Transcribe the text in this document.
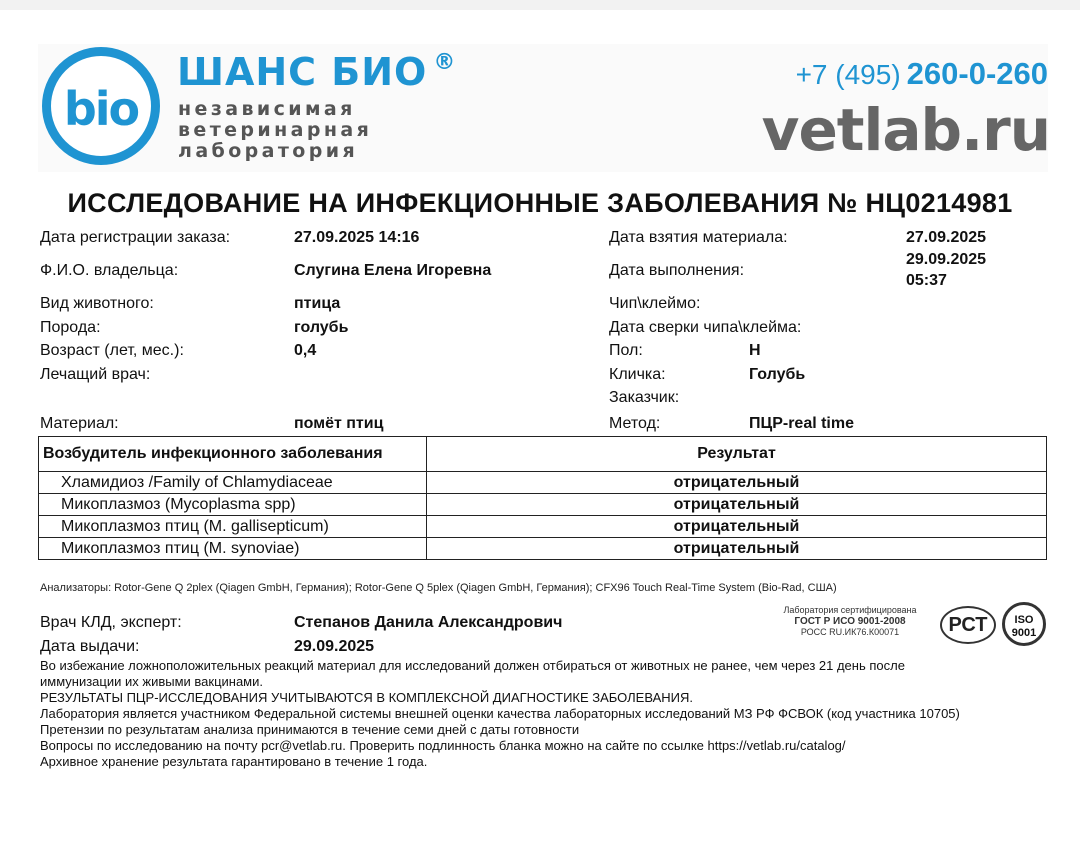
bio
ШАНС БИО ®
независимая
ветеринарная
лаборатория
+7 (495) 260-0-260
vetlab.ru
ИССЛЕДОВАНИЕ НА ИНФЕКЦИОННЫЕ ЗАБОЛЕВАНИЯ № НЦ0214981
Дата регистрации заказа:	27.09.2025 14:16
Ф.И.О. владельца:	Слугина Елена Игоревна
Вид животного:	птица
Порода:	голубь
Возраст (лет, мес.):	0,4
Лечащий врач:
Материал:	помёт птиц
Дата взятия материала:	27.09.2025
Дата выполнения:
29.09.2025
05:37
Чип\клеймо:
Дата сверки чипа\клейма:
Пол:	Н
Кличка:	Голубь
Заказчик:
Метод:	ПЦР-real time
Возбудитель инфекционного заболевания	Результат
Хламидиоз /Family of Chlamydiaceae	отрицательный
Микоплазмоз (Mycoplasma spp)	отрицательный
Микоплазмоз птиц (M. gallisepticum)	отрицательный
Микоплазмоз птиц (M. synoviae)	отрицательный
Анализаторы: Rotor-Gene Q 2plex (Qiagen GmbH, Германия); Rotor-Gene Q 5plex (Qiagen GmbH, Германия); CFX96 Touch Real-Time System (Bio-Rad, США)
Врач КЛД, эксперт:	Степанов Данила Александрович
Дата выдачи:	29.09.2025
Лаборатория сертифицирована
ГОСТ Р ИСО 9001-2008
РОСС RU.ИК76.К00071	РСТ	ISO
9001
Во избежание ложноположительных реакций материал для исследований должен отбираться от животных не ранее, чем через 21 день после
иммунизации их живыми вакцинами.
РЕЗУЛЬТАТЫ ПЦР-ИССЛЕДОВАНИЯ УЧИТЫВАЮТСЯ В КОМПЛЕКСНОЙ ДИАГНОСТИКЕ ЗАБОЛЕВАНИЯ.
Лаборатория является участником Федеральной системы внешней оценки качества лабораторных исследований МЗ РФ ФСВОК (код участника 10705)
Претензии по результатам анализа принимаются в течение семи дней с даты готовности
Вопросы по исследованию на почту pcr@vetlab.ru. Проверить подлинность бланка можно на сайте по ссылке https://vetlab.ru/catalog/
Архивное хранение результата гарантировано в течение 1 года.
